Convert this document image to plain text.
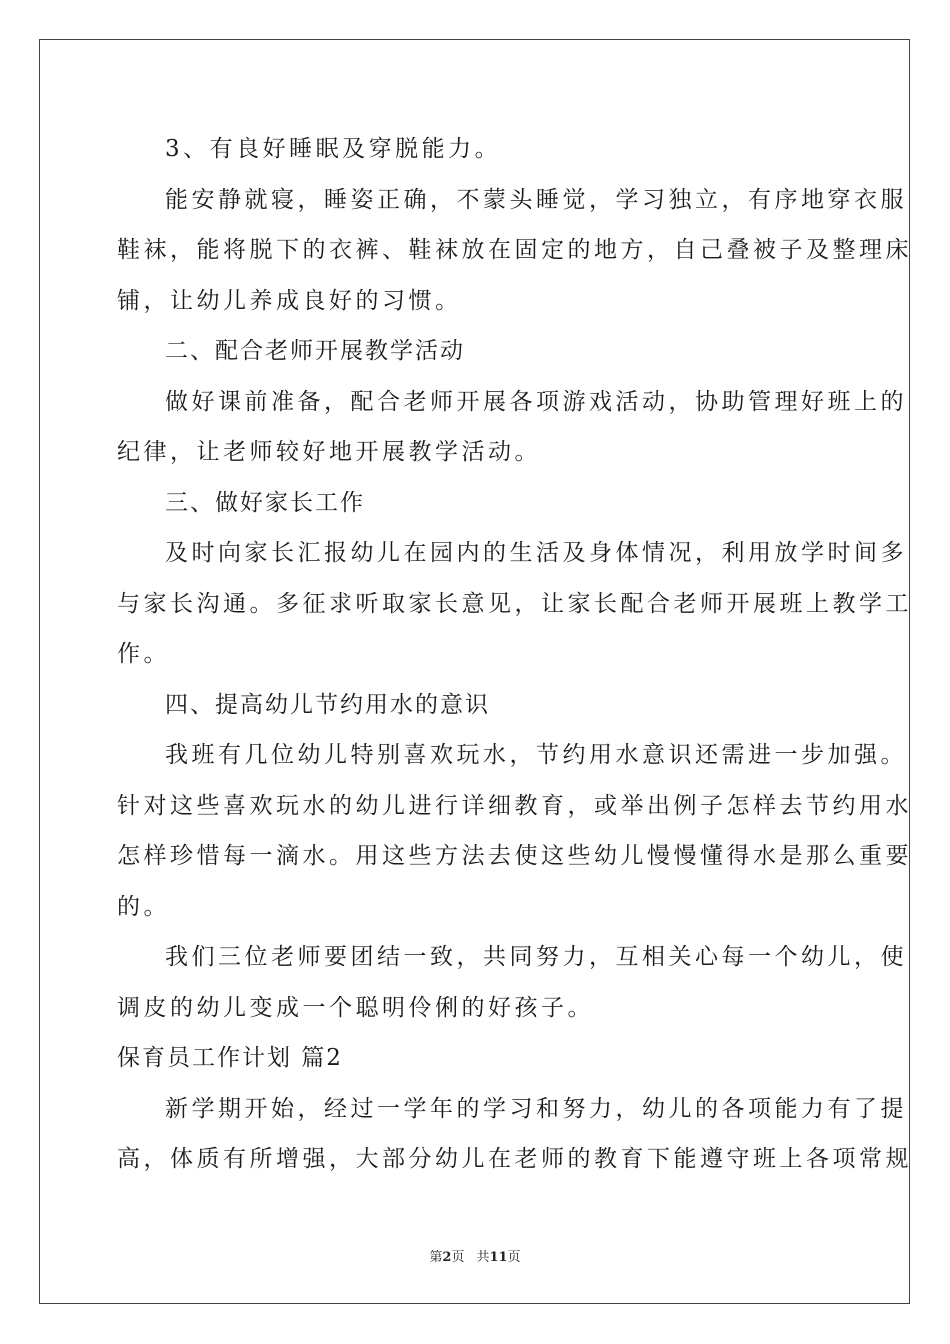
3、有良好睡眠及穿脱能力。
能安静就寝，睡姿正确，不蒙头睡觉，学习独立，有序地穿衣服
鞋袜，能将脱下的衣裤、鞋袜放在固定的地方，自己叠被子及整理床
铺，让幼儿养成良好的习惯。
二、配合老师开展教学活动
做好课前准备，配合老师开展各项游戏活动，协助管理好班上的
纪律，让老师较好地开展教学活动。
三、做好家长工作
及时向家长汇报幼儿在园内的生活及身体情况，利用放学时间多
与家长沟通。多征求听取家长意见，让家长配合老师开展班上教学工
作。
四、提高幼儿节约用水的意识
我班有几位幼儿特别喜欢玩水，节约用水意识还需进一步加强。
针对这些喜欢玩水的幼儿进行详细教育，或举出例子怎样去节约用水
怎样珍惜每一滴水。用这些方法去使这些幼儿慢慢懂得水是那么重要
的。
我们三位老师要团结一致，共同努力，互相关心每一个幼儿，使
调皮的幼儿变成一个聪明伶俐的好孩子。
保育员工作计划 篇2
新学期开始，经过一学年的学习和努力，幼儿的各项能力有了提
高，体质有所增强，大部分幼儿在老师的教育下能遵守班上各项常规
第2页 共11页
